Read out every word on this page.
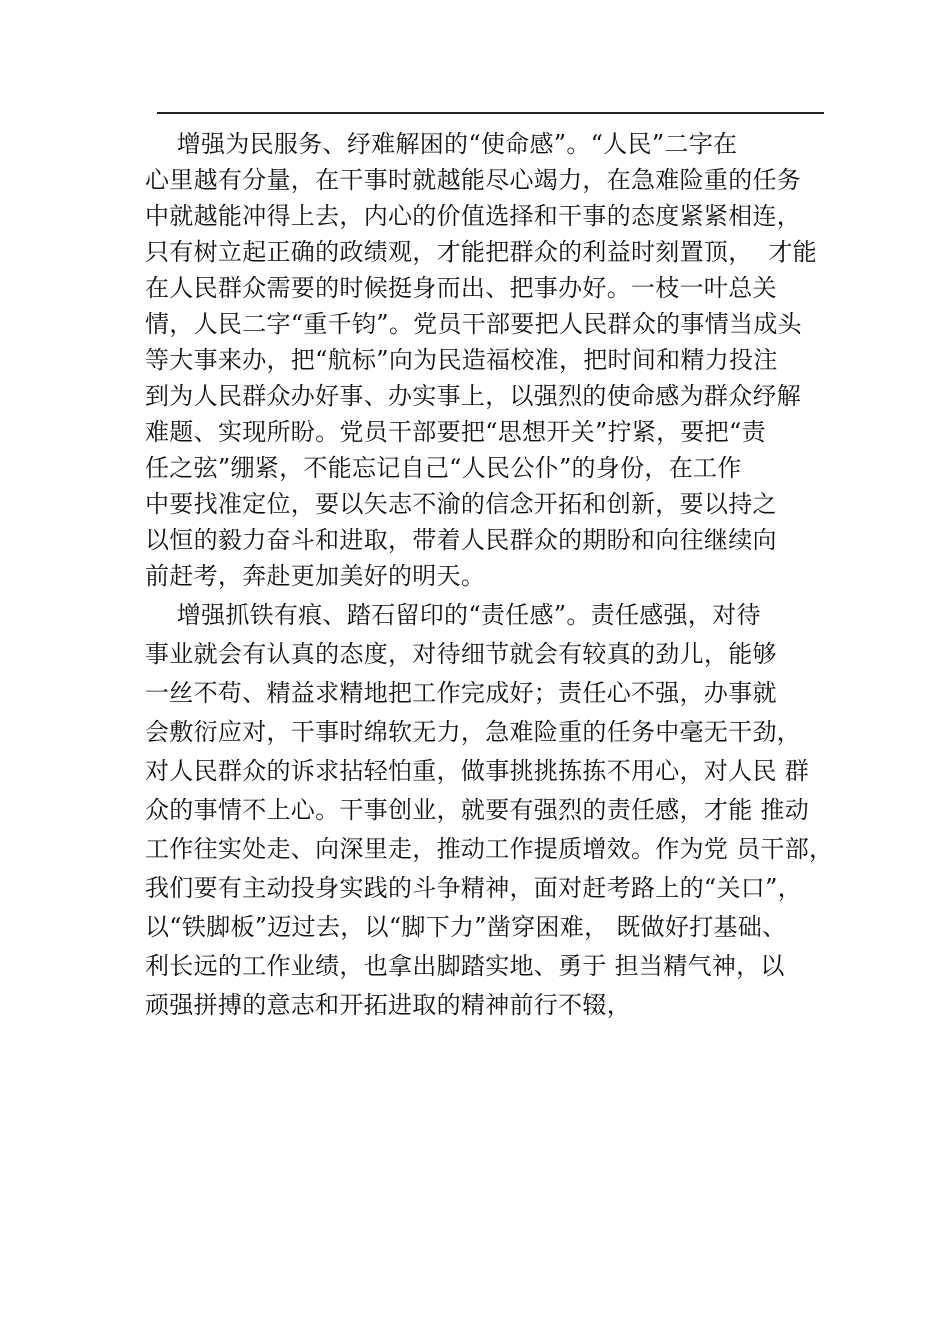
增强为民服务、纾难解困的“使命感”。“人民”二字在
心里越有分量，在干事时就越能尽心竭力，在急难险重的任务
中就越能冲得上去，内心的价值选择和干事的态度紧紧相连，
只有树立起正确的政绩观，才能把群众的利益时刻置顶，  才能
在人民群众需要的时候挺身而出、把事办好。一枝一叶总关
情，人民二字“重千钧”。党员干部要把人民群众的事情当成头
等大事来办，把“航标”向为民造福校准，把时间和精力投注
到为人民群众办好事、办实事上，以强烈的使命感为群众纾解
难题、实现所盼。党员干部要把“思想开关”拧紧，要把“责
任之弦”绷紧，不能忘记自己“人民公仆”的身份，在工作
中要找准定位，要以矢志不渝的信念开拓和创新，要以持之
以恒的毅力奋斗和进取，带着人民群众的期盼和向往继续向
前赶考，奔赴更加美好的明天。
增强抓铁有痕、踏石留印的“责任感”。责任感强，对待
事业就会有认真的态度，对待细节就会有较真的劲儿，能够
一丝不苟、精益求精地把工作完成好；责任心不强，办事就
会敷衍应对，干事时绵软无力，急难险重的任务中毫无干劲，
对人民群众的诉求拈轻怕重，做事挑挑拣拣不用心，对人民 群
众的事情不上心。干事创业，就要有强烈的责任感，才能 推动
工作往实处走、向深里走，推动工作提质增效。作为党 员干部，
我们要有主动投身实践的斗争精神，面对赶考路上的“关口”，
以“铁脚板”迈过去，以“脚下力”凿穿困难， 既做好打基础、
利长远的工作业绩，也拿出脚踏实地、勇于 担当精气神，以
顽强拼搏的意志和开拓进取的精神前行不辍，
